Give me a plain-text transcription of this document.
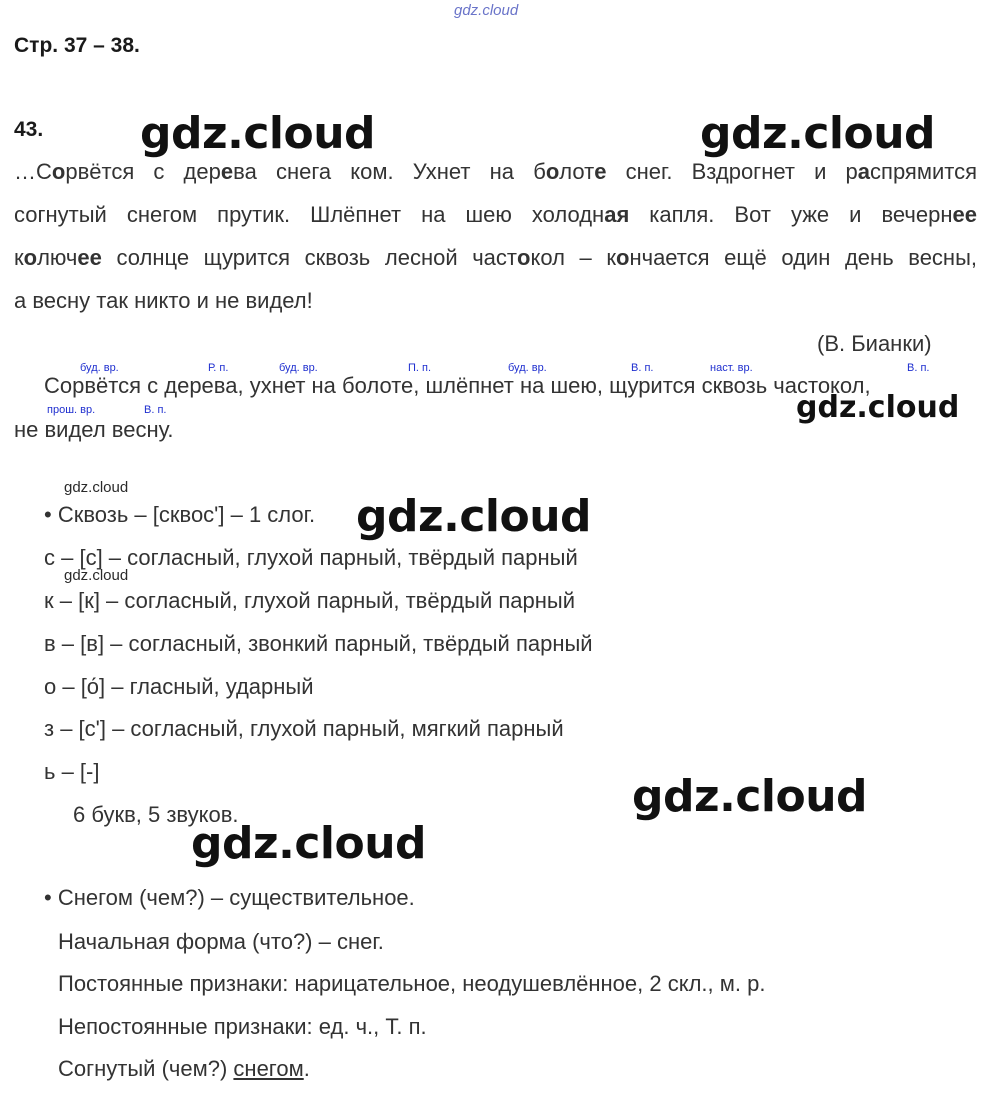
gdz.cloud
Стр. 37 – 38.
43. gdz.cloud	gdz.cloud
…Сорвётся с дерева снега ком. Ухнет на болоте снег. Вздрогнет и распрямится
согнутый снегом прутик. Шлёпнет на шею холодная капля. Вот уже и вечернее
колючее солнце щурится сквозь лесной частокол – кончается ещё один день весны,
а весну так никто и не видел!
(В. Бианки)
буд. вр.	Р. п.	буд. вр.	П. п.	буд. вр.	В. п.	наст. вр.	В. п.
Сорвётся с дерева, ухнет на болоте, шлёпнет на шею, щурится сквозь частокол,
прош. вр.	В. п.	gdz.cloud
не видел весну.
gdz.cloud
• Сквозь – [сквос'] – 1 слог. gdz.cloud
с – [с] – согласный, глухой парный, твёрдый парный
gdz.cloud
к – [к] – согласный, глухой парный, твёрдый парный
в – [в] – согласный, звонкий парный, твёрдый парный
о – [о́] – гласный, ударный
з – [с'] – согласный, глухой парный, мягкий парный
ь – [-]	gdz.cloud
6 букв, 5 звуков.
gdz.cloud
• Снегом (чем?) – существительное.
Начальная форма (что?) – снег.
Постоянные признаки: нарицательное, неодушевлённое, 2 скл., м. р.
Непостоянные признаки: ед. ч., Т. п.
Согнутый (чем?) снегом.
